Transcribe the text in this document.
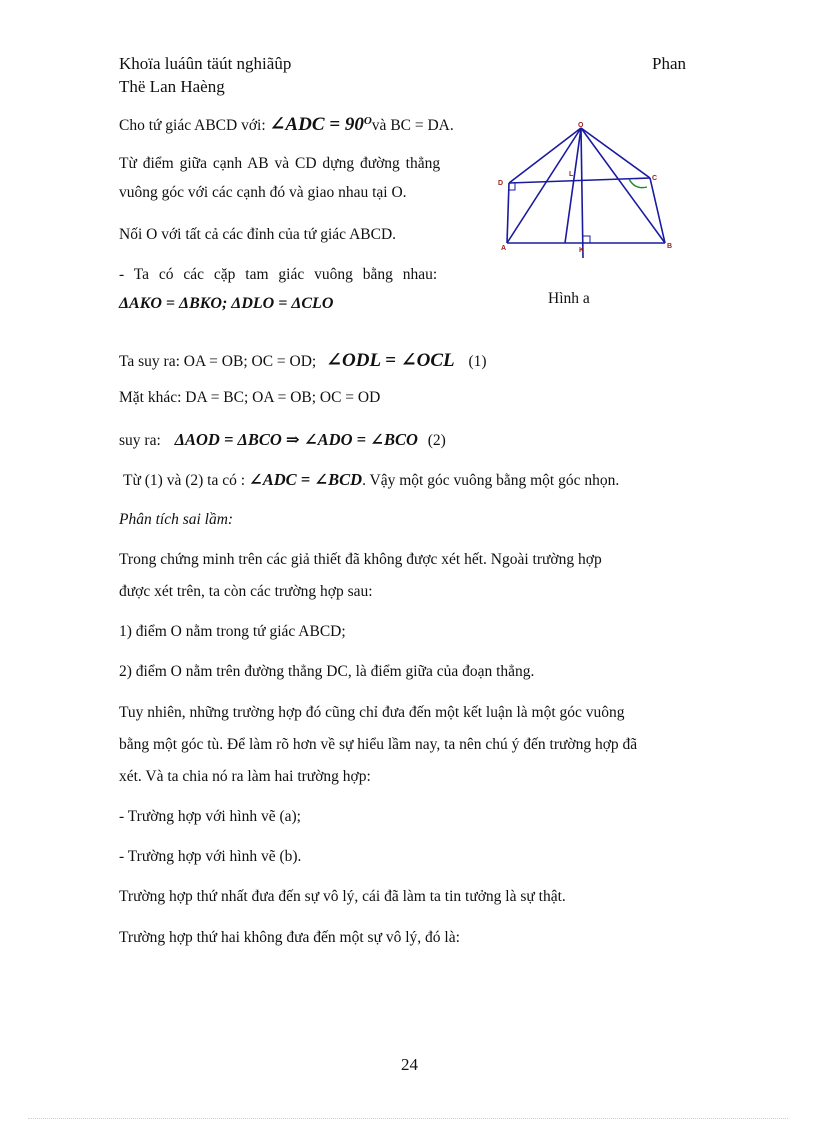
Khoïa luáûn täút nghiãûp
Thë Lan Haèng
Phan
Cho tứ giác ABCD với: ∠ADC = $90^Ovà$ BC = DA.
Từ điểm giữa cạnh AB và CD dựng đường thẳng
vuông góc với các cạnh đó và giao nhau tại O.
Nối O với tất cả các đỉnh của tứ giác ABCD.
- Ta có các cặp tam giác vuông bằng nhau:
ΔAKO = ΔBKO; ΔDLO = ΔCLO
O
D
C
L
A	K
B
Hình a
Ta suy ra: OA = OB; OC = OD; ∠ODL = ∠OCL (1)
Mặt khác: DA = BC; OA = OB; OC = OD
suy ra: ΔAOD = ΔBCO ⇒ ∠ADO = ∠BCO (2)
Từ (1) và (2) ta có : ∠ADC = ∠BCD. Vậy một góc vuông bằng một góc nhọn.
Phân tích sai lầm:
Trong chứng minh trên các giả thiết đã không được xét hết. Ngoài trường hợp
được xét trên, ta còn các trường hợp sau:
1) điểm O nằm trong tứ giác ABCD;
2) điểm O nằm trên đường thẳng DC, là điểm giữa của đoạn thẳng.
Tuy nhiên, những trường hợp đó cũng chỉ đưa đến một kết luận là một góc vuông
bằng một góc tù. Để làm rõ hơn về sự hiểu lầm nay, ta nên chú ý đến trường hợp đã
xét. Và ta chia nó ra làm hai trường hợp:
- Trường hợp với hình vẽ (a);
- Trường hợp với hình vẽ (b).
Trường hợp thứ nhất đưa đến sự vô lý, cái đã làm ta tin tưởng là sự thật.
Trường hợp thứ hai không đưa đến một sự vô lý, đó là:
24
